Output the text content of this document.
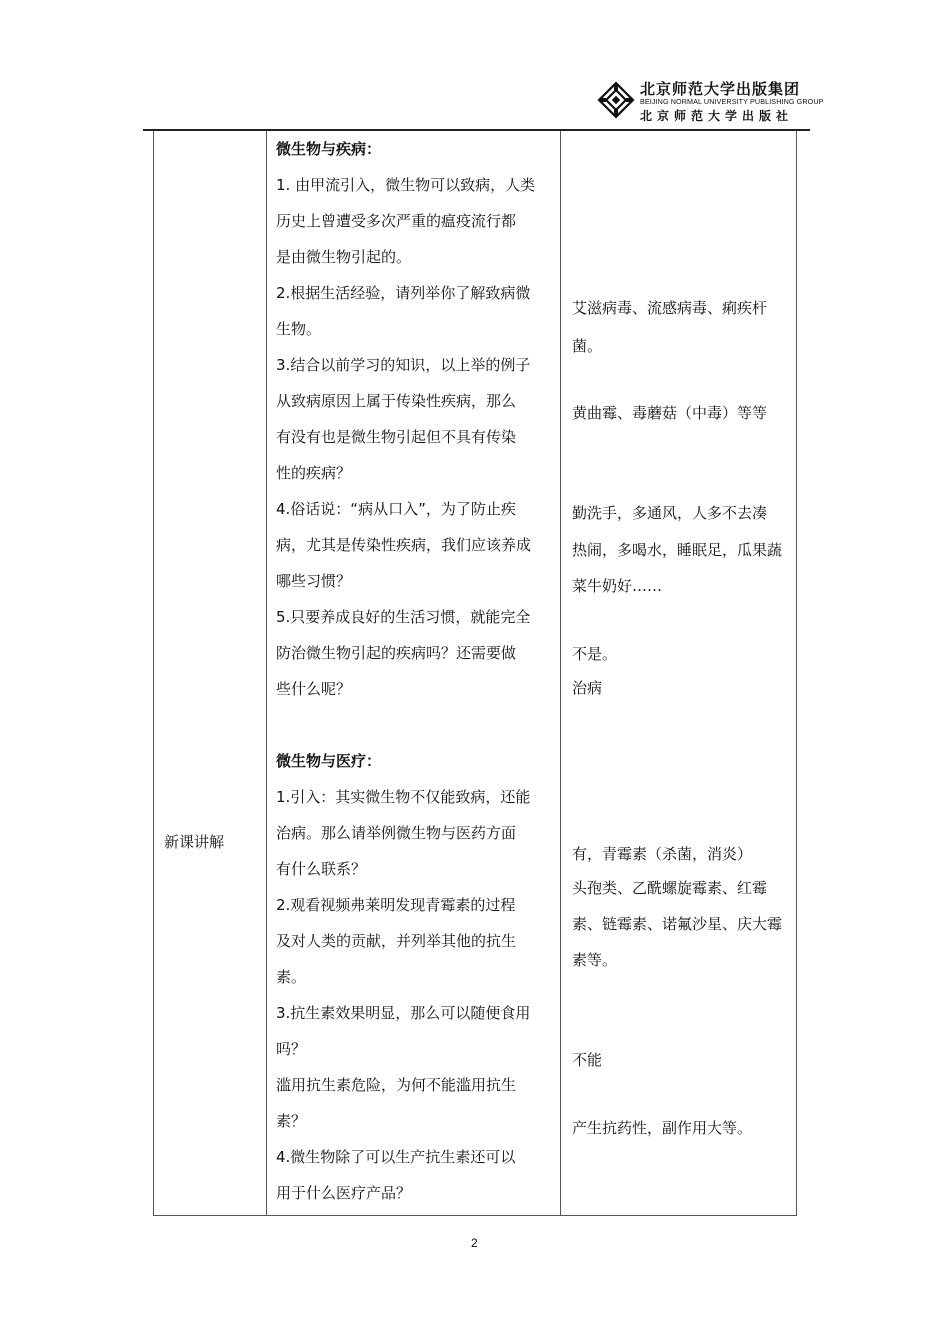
北京师范大学出版集团
BEIJING NORMAL UNIVERSITY PUBLISHING GROUP
北京师范大学出版社
新课讲解
微生物与疾病：
1. 由甲流引入，微生物可以致病，人类
历史上曾遭受多次严重的瘟疫流行都
是由微生物引起的。
2.根据生活经验，请列举你了解致病微
生物。
3.结合以前学习的知识，以上举的例子
从致病原因上属于传染性疾病，那么
有没有也是微生物引起但不具有传染
性的疾病？
4.俗话说：“病从口入”，为了防止疾
病，尤其是传染性疾病，我们应该养成
哪些习惯？
5.只要养成良好的生活习惯，就能完全
防治微生物引起的疾病吗？还需要做
些什么呢？
微生物与医疗：
1.引入：其实微生物不仅能致病，还能
治病。那么请举例微生物与医药方面
有什么联系？
2.观看视频弗莱明发现青霉素的过程
及对人类的贡献，并列举其他的抗生
素。
3.抗生素效果明显，那么可以随便食用
吗？
滥用抗生素危险，为何不能滥用抗生
素？
4.微生物除了可以生产抗生素还可以
用于什么医疗产品？
艾滋病毒、流感病毒、痢疾杆
菌。
黄曲霉、毒蘑菇（中毒）等等
勤洗手，多通风，人多不去凑
热闹，多喝水，睡眠足，瓜果蔬
菜牛奶好……
不是。
治病
有，青霉素（杀菌，消炎）
头孢类、乙酰螺旋霉素、红霉
素、链霉素、诺氟沙星、庆大霉
素等。
不能
产生抗药性，副作用大等。
2
